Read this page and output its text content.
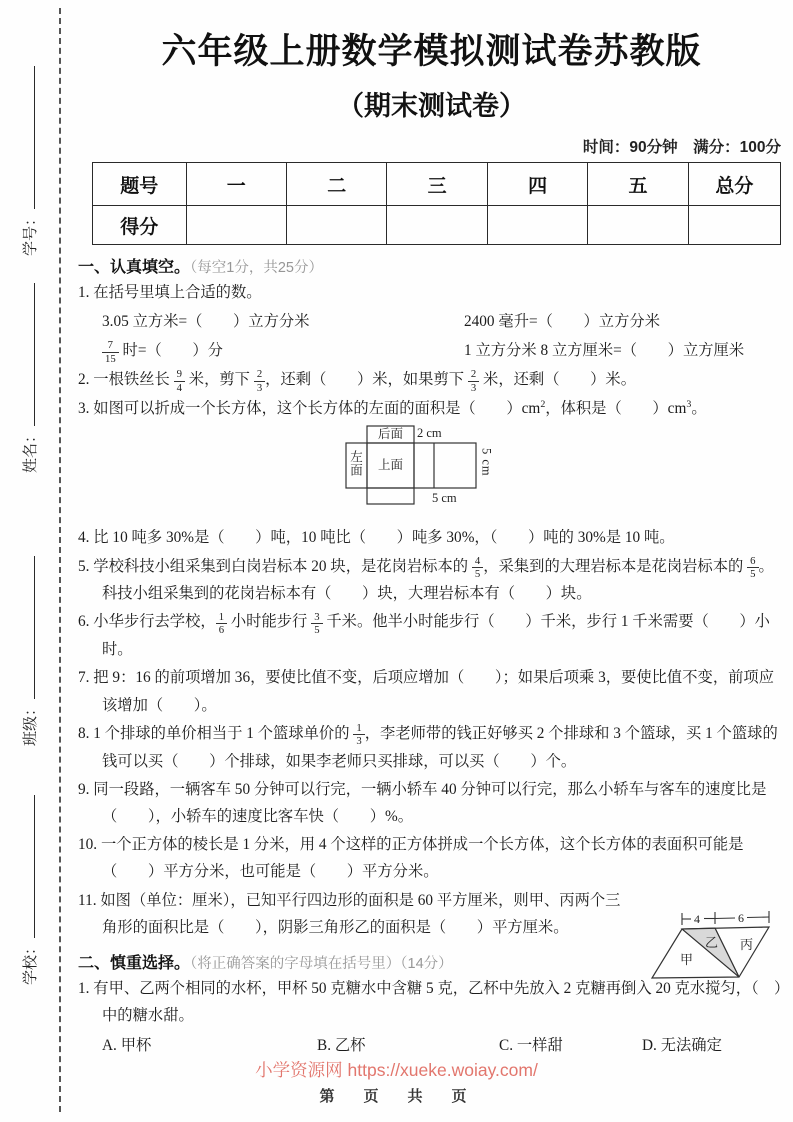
学号：
姓名：
班级：
学校：
六年级上册数学模拟测试卷苏教版
（期末测试卷）
时间：90分钟　满分：100分
题号	一	二	三	四	五	总分
得分						
一、认真填空。（每空1分，共25分）
1. 在括号里填上合适的数。
3.05 立方米=（　　）立方分米	2400 毫升=（　　）立方分米
$\frac{7}{15}$ 时=（　　）分	1 立方分米 8 立方厘米=（　　）立方厘米
2. 一根铁丝长 $\frac{9}{4}$ 米，剪下 $\frac{2}{3}$ ，还剩（　　）米，如果剪下 $\frac{2}{3}$ 米，还剩（　　）米。
3. 如图可以折成一个长方体，这个长方体的左面的面积是（　　）$cm^2$，体积是（　　）$cm^3$。
后面
左面	上面
2 cm
5 cm
5 cm
4. 比 10 吨多 30%是（　　）吨，10 吨比（　　）吨多 30%，（　　）吨的 30%是 10 吨。
5. 学校科技小组采集到白岗岩标本 20 块，是花岗岩标本的 $\frac{4}{5}$ ，采集到的大理岩标本是花岗岩标本的 $\frac{6}{5}$ 。科技小组采集到的花岗岩标本有（　　）块，大理岩标本有（　　）块。
6. 小华步行去学校， $\frac{1}{6}$ 小时能步行 $\frac{3}{5}$ 千米。他半小时能步行（　　）千米，步行 1 千米需要（　　）小时。
7. 把 9：16 的前项增加 36，要使比值不变，后项应增加（　　）；如果后项乘 3，要使比值不变，前项应该增加（　　）。
8. 1 个排球的单价相当于 1 个篮球单价的 $\frac{1}{3}$ ，李老师带的钱正好够买 2 个排球和 3 个篮球，买 1 个篮球的钱可以买（　　）个排球，如果李老师只买排球，可以买（　　）个。
9. 同一段路，一辆客车 50 分钟可以行完，一辆小轿车 40 分钟可以行完，那么小轿车与客车的速度比是（　　），小轿车的速度比客车快（　　）%。
10. 一个正方体的棱长是 1 分米，用 4 个这样的正方体拼成一个长方体，这个长方体的表面积可能是（　　）平方分米，也可能是（　　）平方分米。
4	6
甲
乙 丙
11. 如图（单位：厘米），已知平行四边形的面积是 60 平方厘米，则甲、丙两个三角形的面积比是（　　），阴影三角形乙的面积是（　　）平方厘米。
二、慎重选择。（将正确答案的字母填在括号里）（14分）
1. 有甲、乙两个相同的水杯，甲杯 50 克糖水中含糖 5 克，乙杯中先放入 2 克糖再倒入 20 克水搅匀，（　）中的糖水甜。
A. 甲杯	B. 乙杯	C. 一样甜	D. 无法确定
小学资源网 https://xueke.woiay.com/
第　页　共　页
